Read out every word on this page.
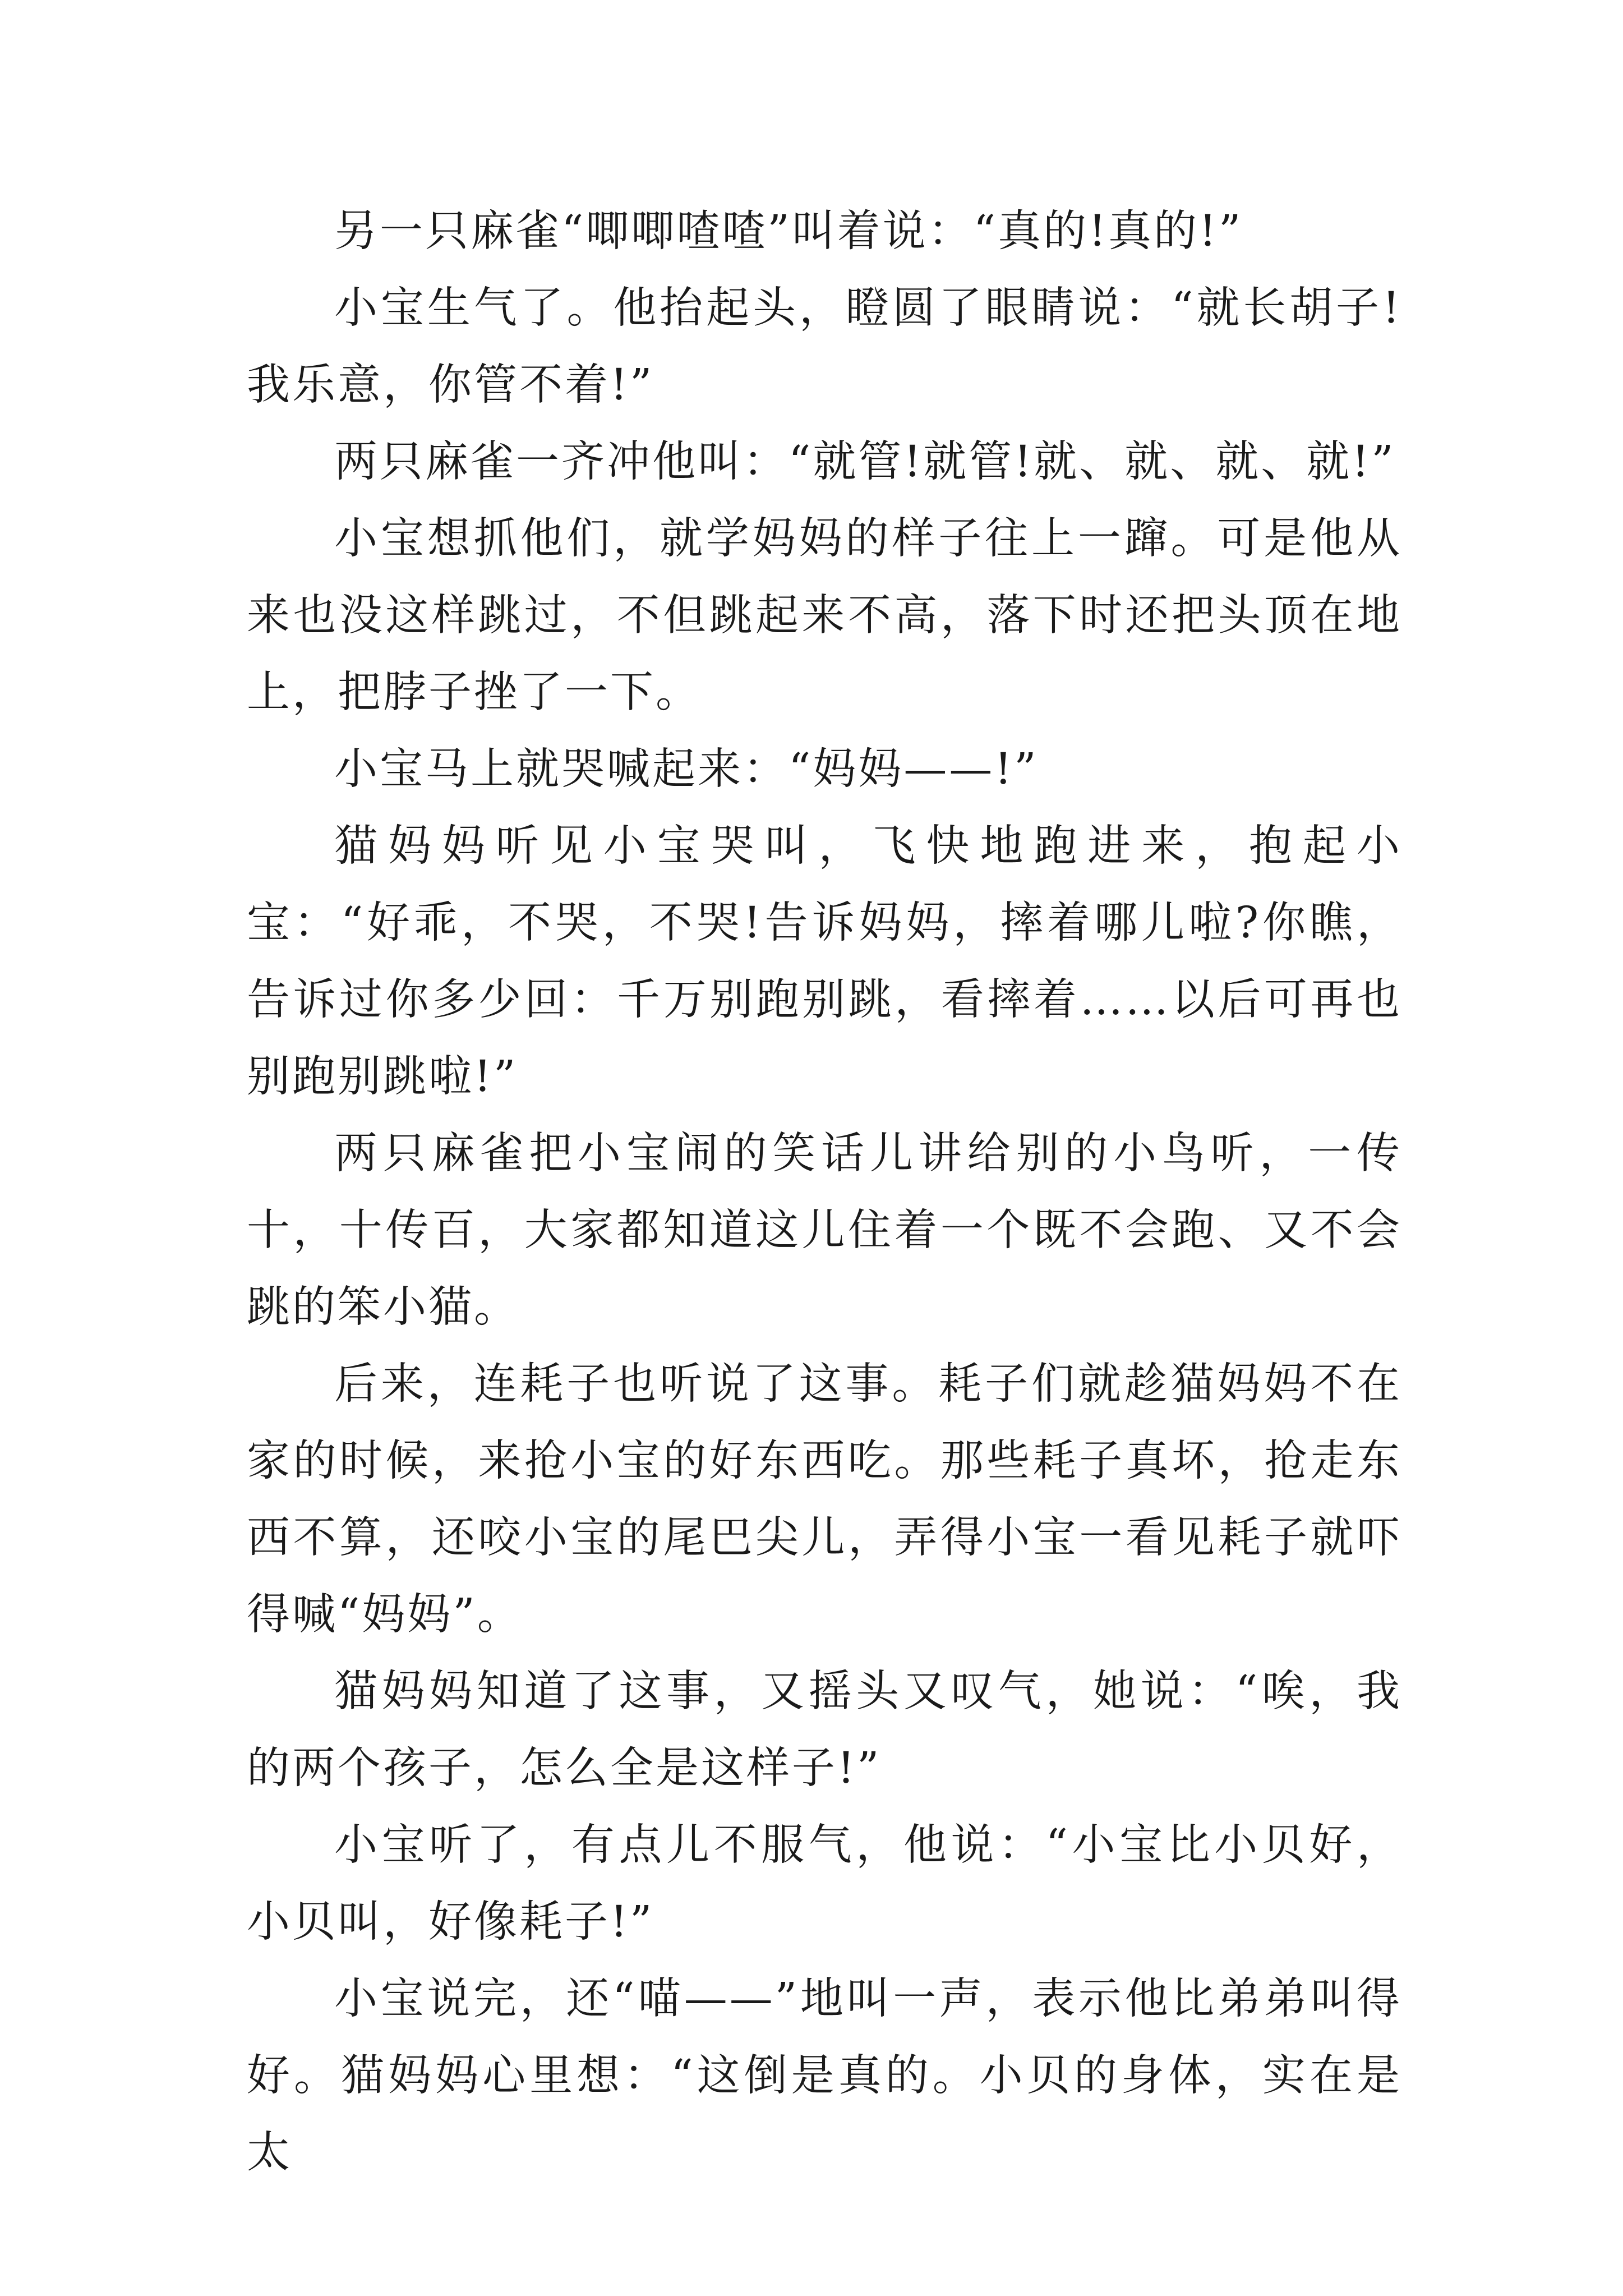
另一只麻雀“唧唧喳喳”叫着说：“真的!真的!”

小宝生气了。他抬起头，瞪圆了眼睛说：“就长胡子!我乐意，你管不着!”

两只麻雀一齐冲他叫：“就管!就管!就、就、就、就!”

小宝想抓他们，就学妈妈的样子往上一蹿。可是他从来也没这样跳过，不但跳起来不高，落下时还把头顶在地上，把脖子挫了一下。

小宝马上就哭喊起来：“妈妈——!”

猫妈妈听见小宝哭叫，飞快地跑进来，抱起小宝：“好乖，不哭，不哭!告诉妈妈，摔着哪儿啦?你瞧，告诉过你多少回：千万别跑别跳，看摔着……以后可再也别跑别跳啦!”

两只麻雀把小宝闹的笑话儿讲给别的小鸟听，一传十，十传百，大家都知道这儿住着一个既不会跑、又不会跳的笨小猫。

后来，连耗子也听说了这事。耗子们就趁猫妈妈不在家的时候，来抢小宝的好东西吃。那些耗子真坏，抢走东西不算，还咬小宝的尾巴尖儿，弄得小宝一看见耗子就吓得喊“妈妈”。

猫妈妈知道了这事，又摇头又叹气，她说：“唉，我的两个孩子，怎么全是这样子!”

小宝听了，有点儿不服气，他说：“小宝比小贝好，小贝叫，好像耗子!”

小宝说完，还“喵——”地叫一声，表示他比弟弟叫得好。猫妈妈心里想：“这倒是真的。小贝的身体，实在是太
